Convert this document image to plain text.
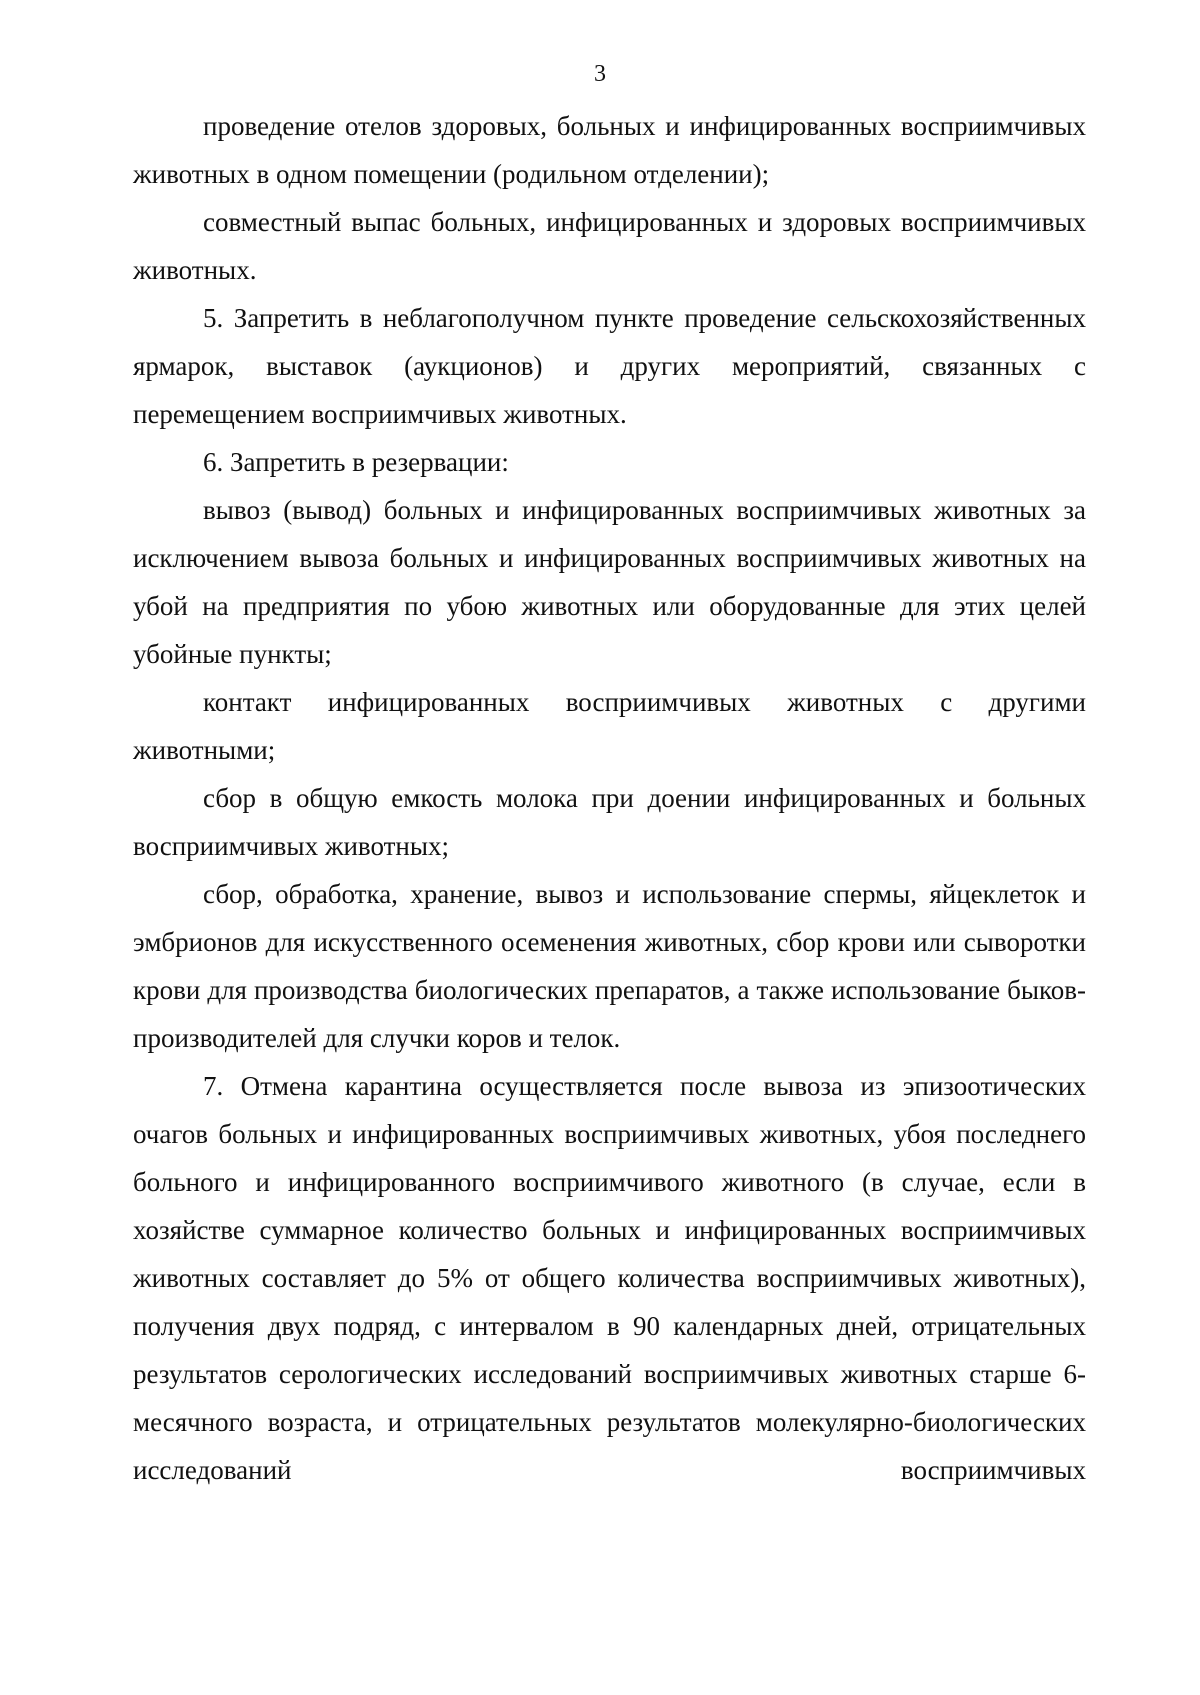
3

проведение отелов здоровых, больных и инфицированных восприимчивых животных в одном помещении (родильном отделении);

совместный выпас больных, инфицированных и здоровых восприимчивых животных.

5. Запретить в неблагополучном пункте проведение сельскохозяйственных ярмарок, выставок (аукционов) и других мероприятий, связанных с перемещением восприимчивых животных.

6. Запретить в резервации:

вывоз (вывод) больных и инфицированных восприимчивых животных за исключением вывоза больных и инфицированных восприимчивых животных на убой на предприятия по убою животных или оборудованные для этих целей убойные пункты;

контакт инфицированных восприимчивых животных с другими животными;

сбор в общую емкость молока при доении инфицированных и больных восприимчивых животных;

сбор, обработка, хранение, вывоз и использование спермы, яйцеклеток и эмбрионов для искусственного осеменения животных, сбор крови или сыворотки крови для производства биологических препаратов, а также использование быков-производителей для случки коров и телок.

7. Отмена карантина осуществляется после вывоза из эпизоотических очагов больных и инфицированных восприимчивых животных, убоя последнего больного и инфицированного восприимчивого животного (в случае, если в хозяйстве суммарное количество больных и инфицированных восприимчивых животных составляет до 5% от общего количества восприимчивых животных), получения двух подряд, с интервалом в 90 календарных дней, отрицательных результатов серологических исследований восприимчивых животных старше 6-месячного возраста, и отрицательных результатов молекулярно-биологических исследований восприимчивых
